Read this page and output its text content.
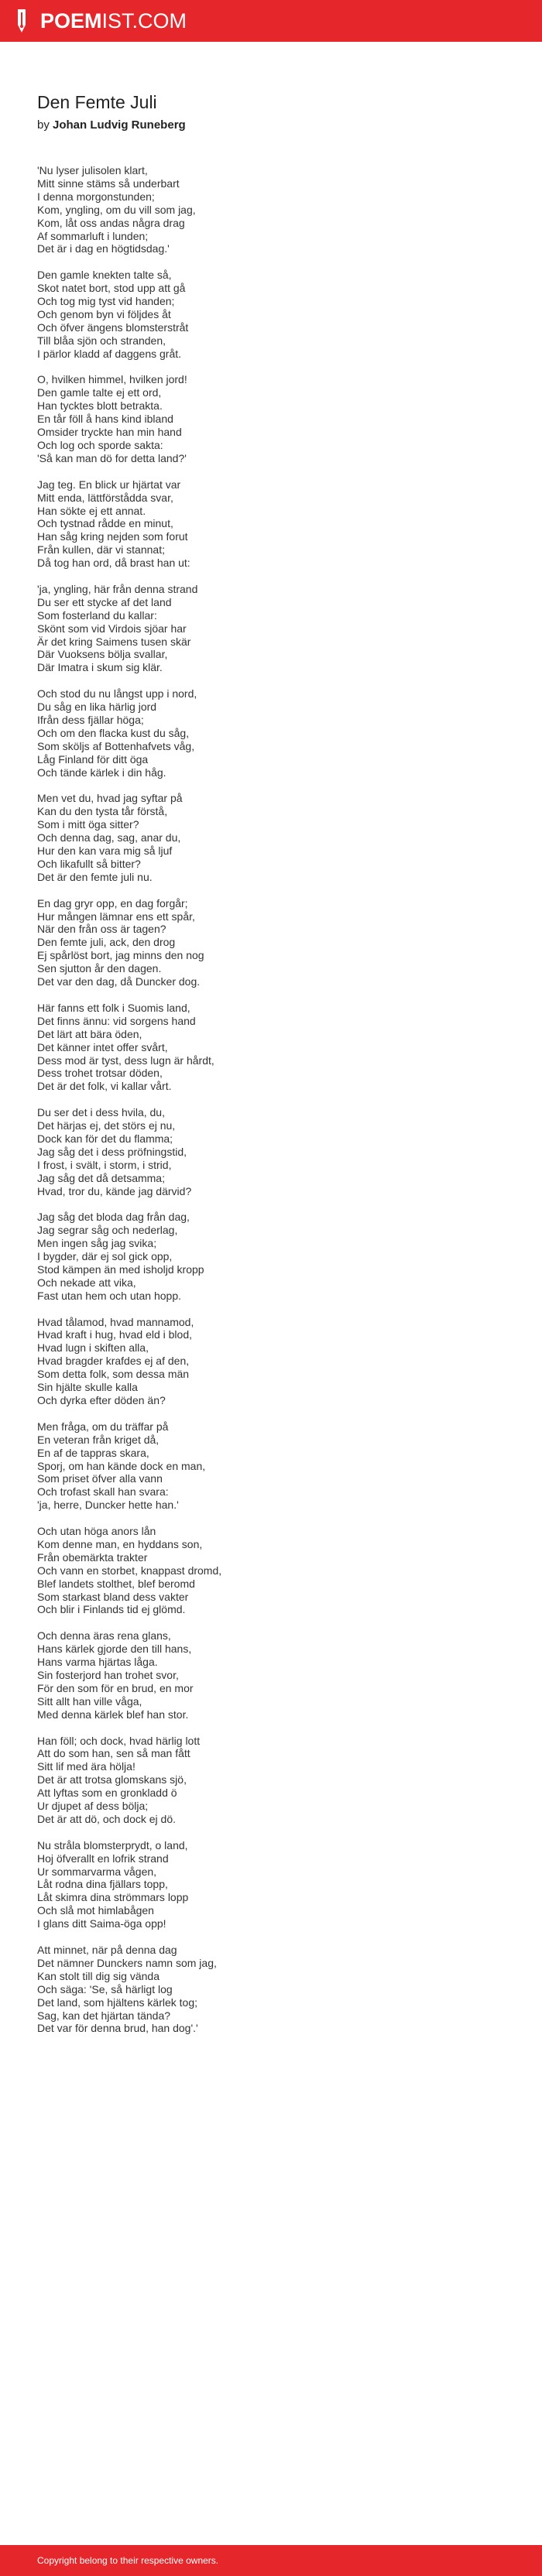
POEMIST.COM
Den Femte Juli
by Johan Ludvig Runeberg
'Nu lyser julisolen klart,
Mitt sinne stäms så underbart
I denna morgonstunden;
Kom, yngling, om du vill som jag,
Kom, låt oss andas några drag
Af sommarluft i lunden;
Det är i dag en högtidsdag.'
Den gamle knekten talte så,
Skot natet bort, stod upp att gå
Och tog mig tyst vid handen;
Och genom byn vi följdes åt
Och öfver ängens blomsterstråt
Till blåa sjön och stranden,
I pärlor kladd af daggens gråt.
O, hvilken himmel, hvilken jord!
Den gamle talte ej ett ord,
Han tycktes blott betrakta.
En tår föll å hans kind ibland
Omsider tryckte han min hand
Och log och sporde sakta:
'Så kan man dö for detta land?'
Jag teg. En blick ur hjärtat var
Mitt enda, lättförstådda svar,
Han sökte ej ett annat.
Och tystnad rådde en minut,
Han såg kring nejden som forut
Från kullen, där vi stannat;
Då tog han ord, då brast han ut:
'ja, yngling, här från denna strand
Du ser ett stycke af det land
Som fosterland du kallar:
Skönt som vid Virdois sjöar har
Är det kring Saimens tusen skär
Där Vuoksens bölja svallar,
Där Imatra i skum sig klär.
Och stod du nu långst upp i nord,
Du såg en lika härlig jord
Ifrån dess fjällar höga;
Och om den flacka kust du såg,
Som sköljs af Bottenhafvets våg,
Låg Finland för ditt öga
Och tände kärlek i din håg.
Men vet du, hvad jag syftar på
Kan du den tysta tår förstå,
Som i mitt öga sitter?
Och denna dag, sag, anar du,
Hur den kan vara mig så ljuf
Och likafullt så bitter?
Det är den femte juli nu.
En dag gryr opp, en dag forgår;
Hur mången lämnar ens ett spår,
När den från oss är tagen?
Den femte juli, ack, den drog
Ej spårlöst bort, jag minns den nog
Sen sjutton år den dagen.
Det var den dag, då Duncker dog.
Här fanns ett folk i Suomis land,
Det finns ännu: vid sorgens hand
Det lärt att bära öden,
Det känner intet offer svårt,
Dess mod är tyst, dess lugn är hårdt,
Dess trohet trotsar döden,
Det är det folk, vi kallar vårt.
Du ser det i dess hvila, du,
Det härjas ej, det störs ej nu,
Dock kan för det du flamma;
Jag såg det i dess pröfningstid,
I frost, i svält, i storm, i strid,
Jag såg det då detsamma;
Hvad, tror du, kände jag därvid?
Jag såg det bloda dag från dag,
Jag segrar såg och nederlag,
Men ingen såg jag svika;
I bygder, där ej sol gick opp,
Stod kämpen än med isholjd kropp
Och nekade att vika,
Fast utan hem och utan hopp.
Hvad tålamod, hvad mannamod,
Hvad kraft i hug, hvad eld i blod,
Hvad lugn i skiften alla,
Hvad bragder krafdes ej af den,
Som detta folk, som dessa män
Sin hjälte skulle kalla
Och dyrka efter döden än?
Men fråga, om du träffar på
En veteran från kriget då,
En af de tappras skara,
Sporj, om han kände dock en man,
Som priset öfver alla vann
Och trofast skall han svara:
'ja, herre, Duncker hette han.'
Och utan höga anors lån
Kom denne man, en hyddans son,
Från obemärkta trakter
Och vann en storbet, knappast dromd,
Blef landets stolthet, blef beromd
Som starkast bland dess vakter
Och blir i Finlands tid ej glömd.
Och denna äras rena glans,
Hans kärlek gjorde den till hans,
Hans varma hjärtas låga.
Sin fosterjord han trohet svor,
För den som för en brud, en mor
Sitt allt han ville våga,
Med denna kärlek blef han stor.
Han föll; och dock, hvad härlig lott
Att do som han, sen så man fått
Sitt lif med ära hölja!
Det är att trotsa glomskans sjö,
Att lyftas som en gronkladd ö
Ur djupet af dess bölja;
Det är att dö, och dock ej dö.
Nu stråla blomsterprydt, o land,
Hoj öfverallt en lofrik strand
Ur sommarvarma vågen,
Låt rodna dina fjällars topp,
Låt skimra dina strömmars lopp
Och slå mot himlabågen
I glans ditt Saima-öga opp!
Att minnet, när på denna dag
Det nämner Dunckers namn som jag,
Kan stolt till dig sig vända
Och säga: 'Se, så härligt log
Det land, som hjältens kärlek tog;
Sag, kan det hjärtan tända?
Det var för denna brud, han dog'.'
Copyright belong to their respective owners.
